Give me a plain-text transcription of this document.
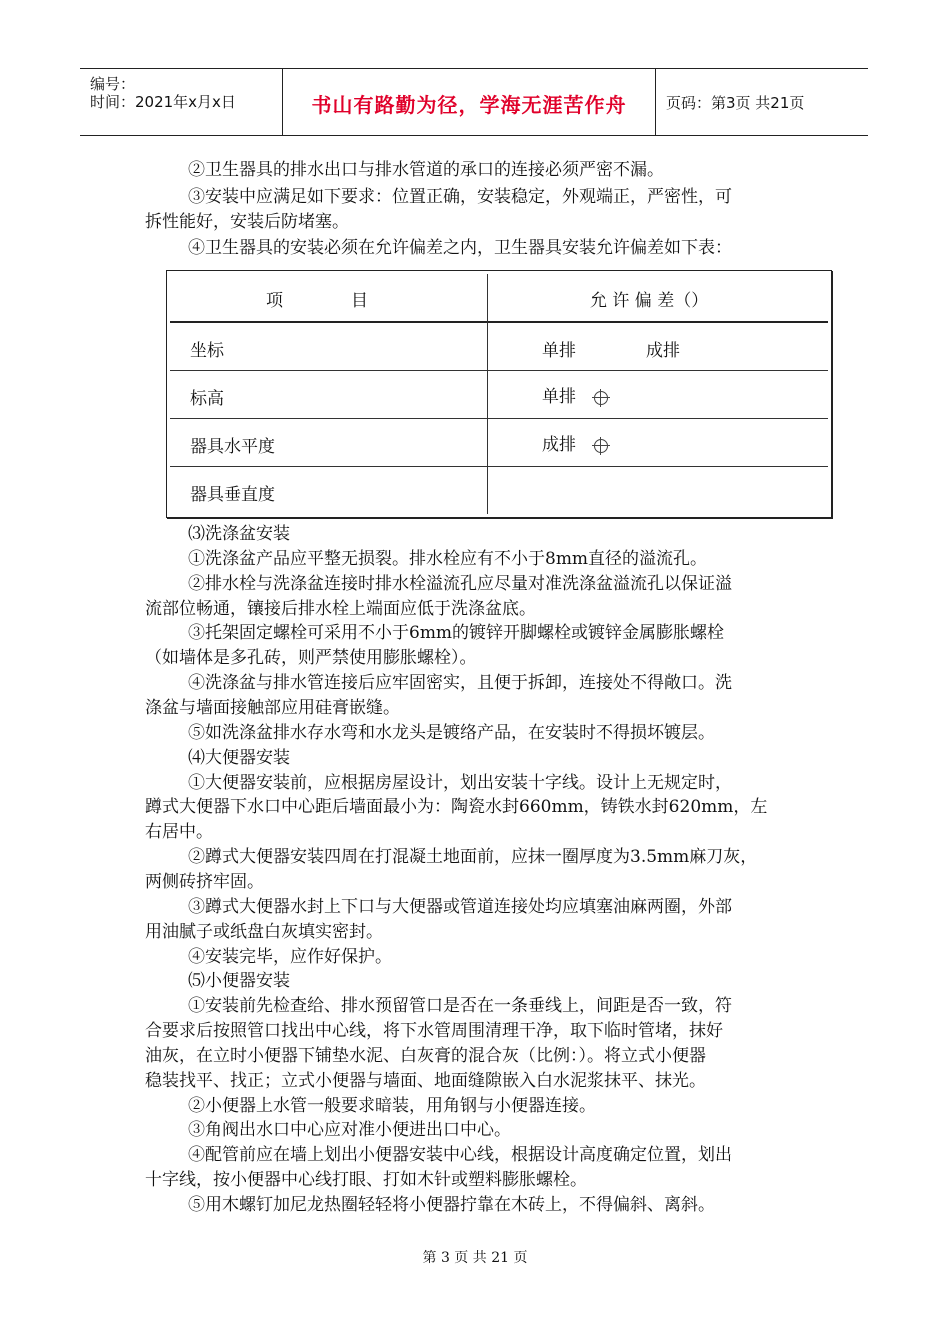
编号：
时间：2021年x月x日	书山有路勤为径，学海无涯苦作舟	页码：第3页 共21页
②卫生器具的排水出口与排水管道的承口的连接必须严密不漏。
③安装中应满足如下要求：位置正确，安装稳定，外观端正，严密性，可
拆性能好，安装后防堵塞。
④卫生器具的安装必须在允许偏差之内，卫生器具安装允许偏差如下表：
项　　　　目	允 许 偏 差（）
坐标	单排	成排
标高	单排
器具水平度	成排
器具垂直度
⑶洗涤盆安装
①洗涤盆产品应平整无损裂。排水栓应有不小于8mm直径的溢流孔。
②排水栓与洗涤盆连接时排水栓溢流孔应尽量对准洗涤盆溢流孔以保证溢
流部位畅通，镶接后排水栓上端面应低于洗涤盆底。
③托架固定螺栓可采用不小于6mm的镀锌开脚螺栓或镀锌金属膨胀螺栓
（如墙体是多孔砖，则严禁使用膨胀螺栓）。
④洗涤盆与排水管连接后应牢固密实，且便于拆卸，连接处不得敞口。洗
涤盆与墙面接触部应用硅膏嵌缝。
⑤如洗涤盆排水存水弯和水龙头是镀络产品，在安装时不得损坏镀层。
⑷大便器安装
①大便器安装前，应根据房屋设计，划出安装十字线。设计上无规定时，
蹲式大便器下水口中心距后墙面最小为：陶瓷水封660mm，铸铁水封620mm，左
右居中。
②蹲式大便器安装四周在打混凝土地面前，应抹一圈厚度为3.5mm麻刀灰，
两侧砖挤牢固。
③蹲式大便器水封上下口与大便器或管道连接处均应填塞油麻两圈，外部
用油腻子或纸盘白灰填实密封。
④安装完毕，应作好保护。
⑸小便器安装
①安装前先检查给、排水预留管口是否在一条垂线上，间距是否一致，符
合要求后按照管口找出中心线，将下水管周围清理干净，取下临时管堵，抹好
油灰，在立时小便器下铺垫水泥、白灰膏的混合灰（比例：）。将立式小便器
稳装找平、找正；立式小便器与墙面、地面缝隙嵌入白水泥浆抹平、抹光。
②小便器上水管一般要求暗装，用角钢与小便器连接。
③角阀出水口中心应对准小便进出口中心。
④配管前应在墙上划出小便器安装中心线，根据设计高度确定位置，划出
十字线，按小便器中心线打眼、打如木针或塑料膨胀螺栓。
⑤用木螺钉加尼龙热圈轻轻将小便器拧靠在木砖上，不得偏斜、离斜。
第 3 页 共 21 页
